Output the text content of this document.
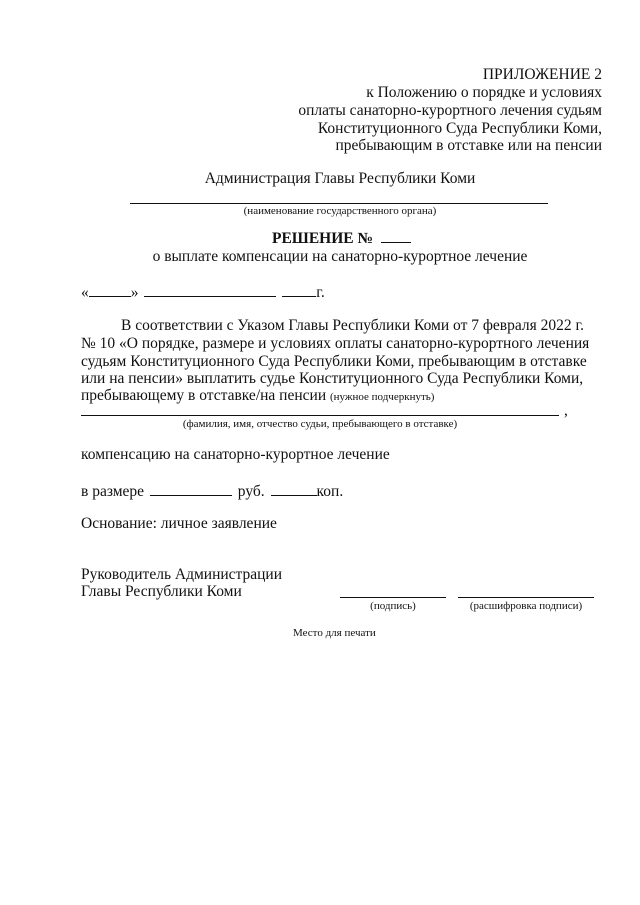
ПРИЛОЖЕНИЕ 2
к Положению о порядке и условиях
оплаты санаторно-курортного лечения судьям
Конституционного Суда Республики Коми,
пребывающим в отставке или на пенсии
Администрация Главы Республики Коми
(наименование государственного органа)
РЕШЕНИЕ №
о выплате компенсации на санаторно-курортное лечение
«	»	г.
В соответствии с Указом Главы Республики Коми от 7 февраля 2022 г.
№ 10 «О порядке, размере и условиях оплаты санаторно-курортного лечения
судьям Конституционного Суда Республики Коми, пребывающим в отставке
или на пенсии» выплатить судье Конституционного Суда Республики Коми,
пребывающему в отставке/на пенсии (нужное подчеркнуть)
,
(фамилия, имя, отчество судьи, пребывающего в отставке)
компенсацию на санаторно-курортное лечение
в размере	руб.	коп.
Основание: личное заявление
Руководитель Администрации
Главы Республики Коми
(подпись)	(расшифровка подписи)
Место для печати
